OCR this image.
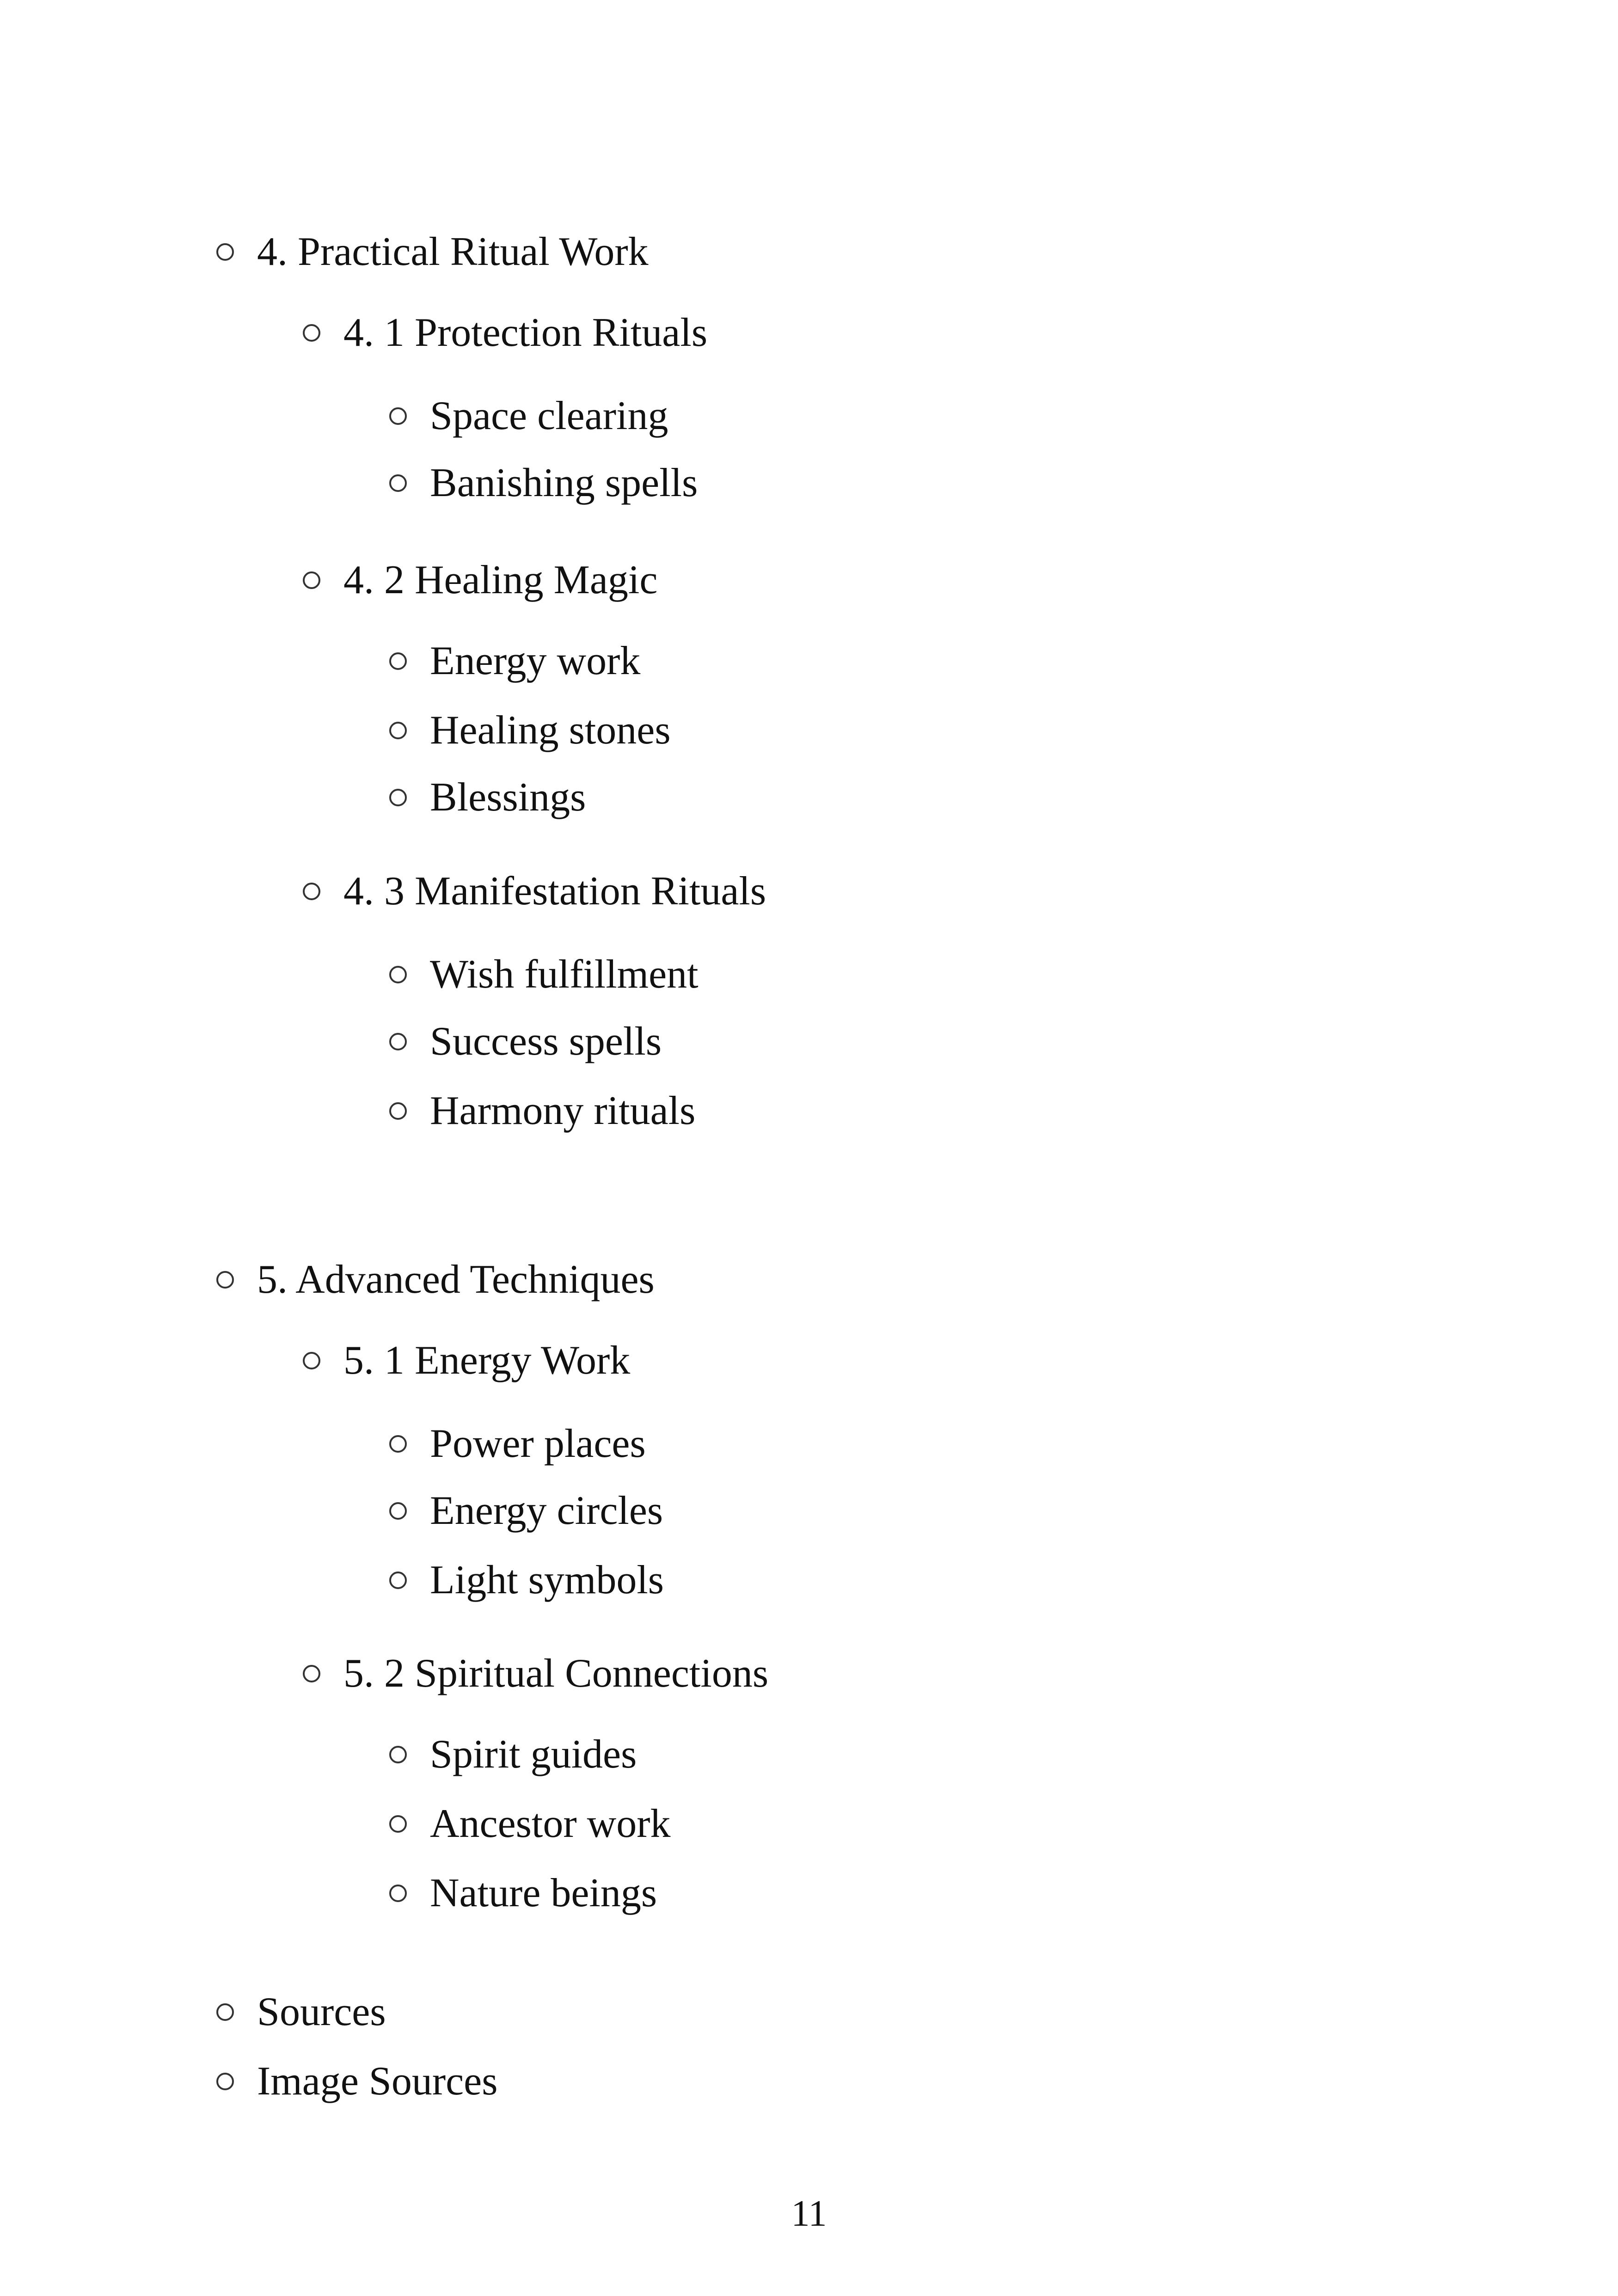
4. Practical Ritual Work
4. 1 Protection Rituals
Space clearing
Banishing spells
4. 2 Healing Magic
Energy work
Healing stones
Blessings
4. 3 Manifestation Rituals
Wish fulfillment
Success spells
Harmony rituals
5. Advanced Techniques
5. 1 Energy Work
Power places
Energy circles
Light symbols
5. 2 Spiritual Connections
Spirit guides
Ancestor work
Nature beings
Sources
Image Sources
11
